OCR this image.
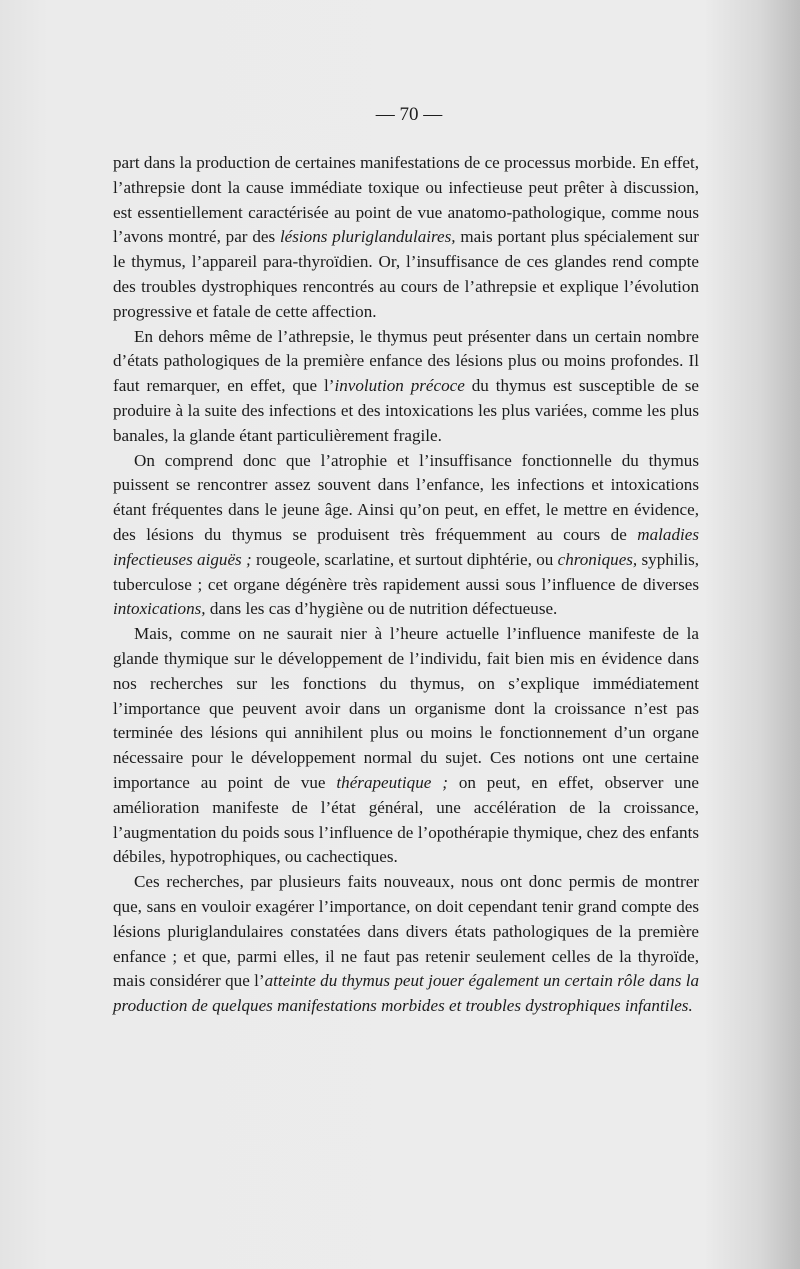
— 70 —

part dans la production de certaines manifestations de ce processus morbide. En effet, l’athrepsie dont la cause immédiate toxique ou infectieuse peut prêter à discussion, est essentiellement caractérisée au point de vue anatomo-pathologique, comme nous l’avons montré, par des lésions pluriglandulaires, mais portant plus spécialement sur le thymus, l’appareil para-thyroïdien. Or, l’insuffisance de ces glandes rend compte des troubles dystrophiques rencontrés au cours de l’athrepsie et explique l’évolution progressive et fatale de cette affection.

En dehors même de l’athrepsie, le thymus peut présenter dans un certain nombre d’états pathologiques de la première enfance des lésions plus ou moins profondes. Il faut remarquer, en effet, que l’involution précoce du thymus est susceptible de se produire à la suite des infections et des intoxications les plus variées, comme les plus banales, la glande étant particulièrement fragile.

On comprend donc que l’atrophie et l’insuffisance fonctionnelle du thymus puissent se rencontrer assez souvent dans l’enfance, les infections et intoxications étant fréquentes dans le jeune âge. Ainsi qu’on peut, en effet, le mettre en évidence, des lésions du thymus se produisent très fréquemment au cours de maladies infectieuses aiguës ; rougeole, scarlatine, et surtout diphtérie, ou chroniques, syphilis, tuberculose ; cet organe dégénère très rapidement aussi sous l’influence de diverses intoxications, dans les cas d’hygiène ou de nutrition défectueuse.

Mais, comme on ne saurait nier à l’heure actuelle l’influence manifeste de la glande thymique sur le développement de l’individu, fait bien mis en évidence dans nos recherches sur les fonctions du thymus, on s’explique immédiatement l’importance que peuvent avoir dans un organisme dont la croissance n’est pas terminée des lésions qui annihilent plus ou moins le fonctionnement d’un organe nécessaire pour le développement normal du sujet. Ces notions ont une certaine importance au point de vue thérapeutique ; on peut, en effet, observer une amélioration manifeste de l’état général, une accélération de la croissance, l’augmentation du poids sous l’influence de l’opothérapie thymique, chez des enfants débiles, hypotrophiques, ou cachectiques.

Ces recherches, par plusieurs faits nouveaux, nous ont donc permis de montrer que, sans en vouloir exagérer l’importance, on doit cependant tenir grand compte des lésions pluriglandulaires constatées dans divers états pathologiques de la première enfance ; et que, parmi elles, il ne faut pas retenir seulement celles de la thyroïde, mais considérer que l’atteinte du thymus peut jouer également un certain rôle dans la production de quelques manifestations morbides et troubles dystrophiques infantiles.
